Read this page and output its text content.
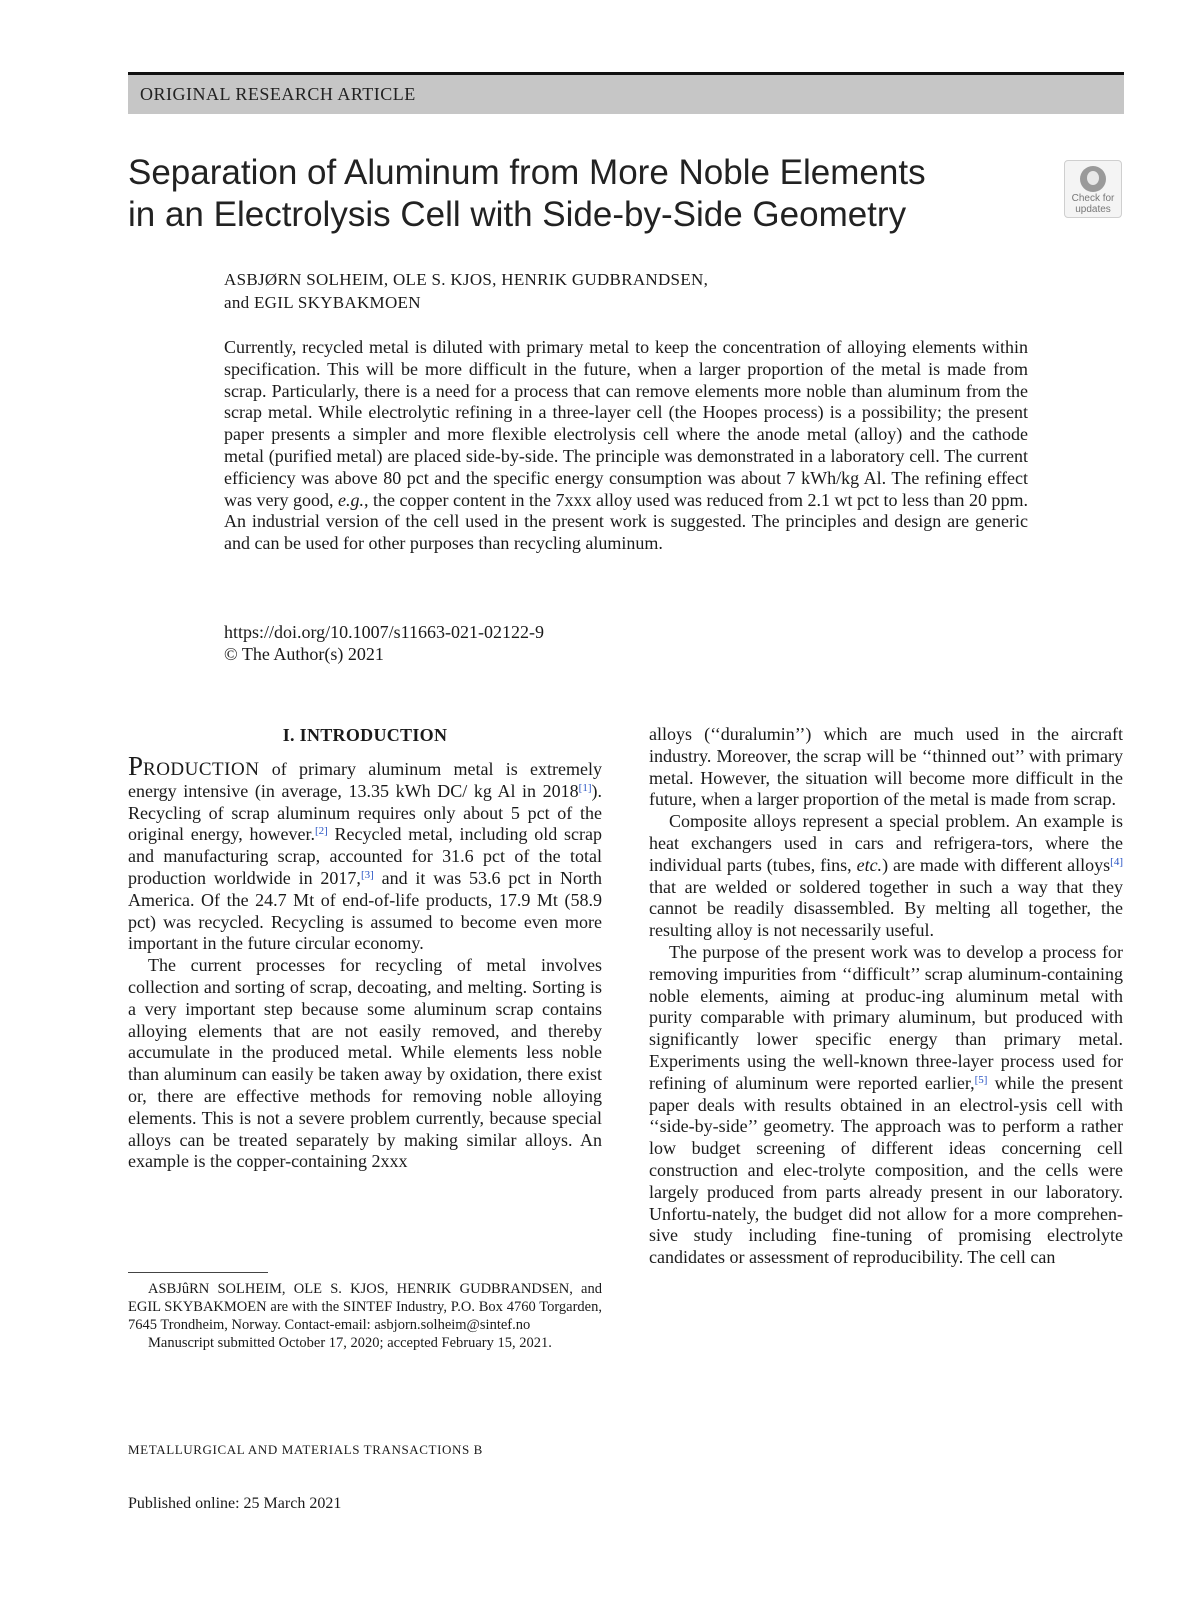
ORIGINAL RESEARCH ARTICLE
Separation of Aluminum from More Noble Elements
in an Electrolysis Cell with Side-by-Side Geometry	Check for
updates
ASBJØRN SOLHEIM, OLE S. KJOS, HENRIK GUDBRANDSEN,
and EGIL SKYBAKMOEN

Currently, recycled metal is diluted with primary metal to keep the concentration of alloying elements within specification. This will be more difficult in the future, when a larger proportion of the metal is made from scrap. Particularly, there is a need for a process that can remove elements more noble than aluminum from the scrap metal. While electrolytic refining in a three-layer cell (the Hoopes process) is a possibility; the present paper presents a simpler and more flexible electrolysis cell where the anode metal (alloy) and the cathode metal (purified metal) are placed side-by-side. The principle was demonstrated in a laboratory cell. The current efficiency was above 80 pct and the specific energy consumption was about 7 kWh/kg Al. The refining effect was very good, e.g., the copper content in the 7xxx alloy used was reduced from 2.1 wt pct to less than 20 ppm. An industrial version of the cell used in the present work is suggested. The principles and design are generic and can be used for other purposes than recycling aluminum.

https://doi.org/10.1007/s11663-021-02122-9
© The Author(s) 2021
I. INTRODUCTION

PRODUCTION of primary aluminum metal is extremely energy intensive (in average, 13.35 kWh DC/ kg Al in 2018[1]). Recycling of scrap aluminum requires only about 5 pct of the original energy, however.[2] Recycled metal, including old scrap and manufacturing scrap, accounted for 31.6 pct of the total production worldwide in 2017,[3] and it was 53.6 pct in North America. Of the 24.7 Mt of end-of-life products, 17.9 Mt (58.9 pct) was recycled. Recycling is assumed to become even more important in the future circular economy.

The current processes for recycling of metal involves collection and sorting of scrap, decoating, and melting. Sorting is a very important step because some aluminum scrap contains alloying elements that are not easily removed, and thereby accumulate in the produced metal. While elements less noble than aluminum can easily be taken away by oxidation, there exist or, there are effective methods for removing noble alloying elements. This is not a severe problem currently, because special alloys can be treated separately by making similar alloys. An example is the copper-containing 2xxx

alloys (‘‘duralumin’’) which are much used in the aircraft industry. Moreover, the scrap will be ‘‘thinned out’’ with primary metal. However, the situation will become more difficult in the future, when a larger proportion of the metal is made from scrap.

Composite alloys represent a special problem. An example is heat exchangers used in cars and refrigera-tors, where the individual parts (tubes, fins, etc.) are made with different alloys[4] that are welded or soldered together in such a way that they cannot be readily disassembled. By melting all together, the resulting alloy is not necessarily useful.

The purpose of the present work was to develop a process for removing impurities from ‘‘difficult’’ scrap aluminum-containing noble elements, aiming at produc-ing aluminum metal with purity comparable with primary aluminum, but produced with significantly lower specific energy than primary metal. Experiments using the well-known three-layer process used for refining of aluminum were reported earlier,[5] while the present paper deals with results obtained in an electrol-ysis cell with ‘‘side-by-side’’ geometry. The approach was to perform a rather low budget screening of different ideas concerning cell construction and elec-trolyte composition, and the cells were largely produced from parts already present in our laboratory. Unfortu-nately, the budget did not allow for a more comprehen-sive study including fine-tuning of promising electrolyte candidates or assessment of reproducibility. The cell can

ASBJûRN SOLHEIM, OLE S. KJOS, HENRIK GUDBRANDSEN, and EGIL SKYBAKMOEN are with the SINTEF Industry, P.O. Box 4760 Torgarden, 7645 Trondheim, Norway. Contact-email: asbjorn.solheim@sintef.no

Manuscript submitted October 17, 2020; accepted February 15, 2021.

METALLURGICAL AND MATERIALS TRANSACTIONS B
Published online: 25 March 2021
